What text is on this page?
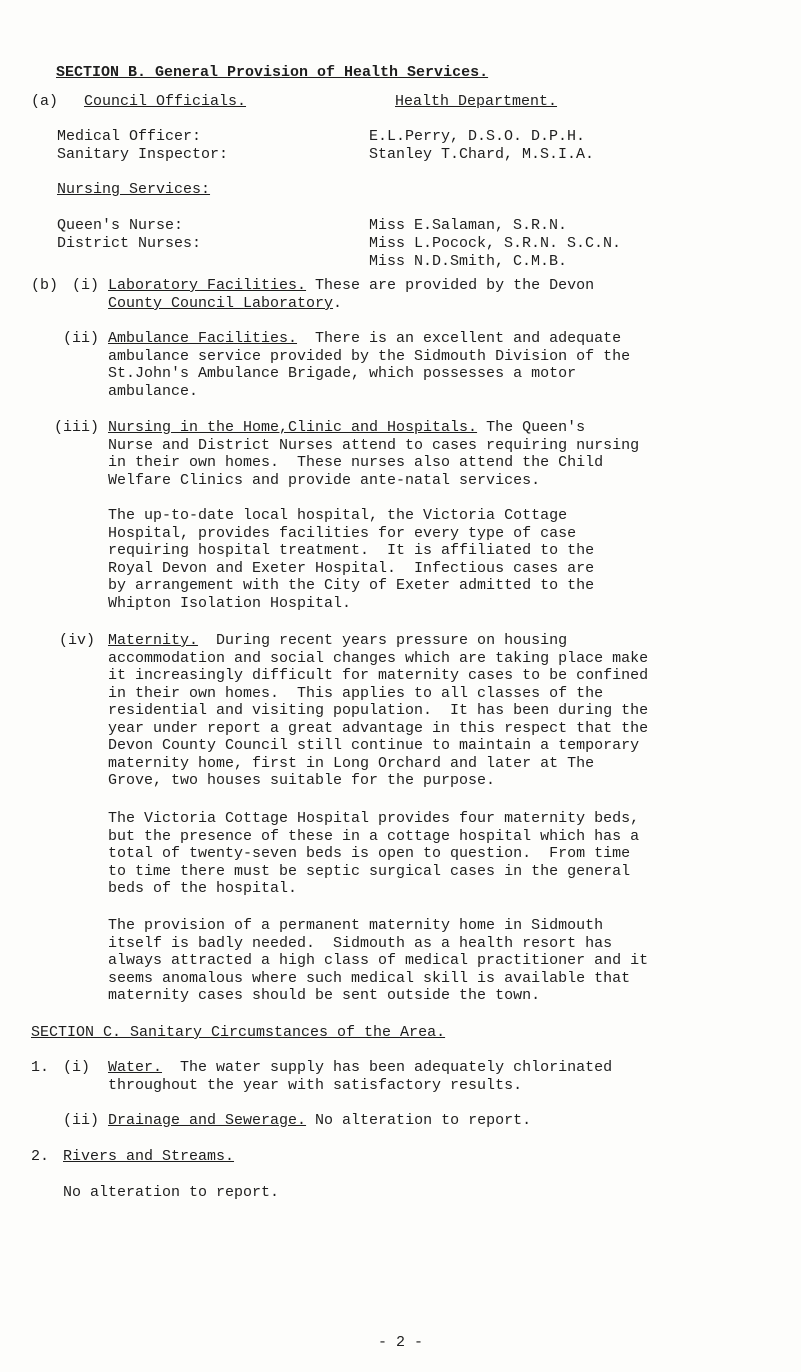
SECTION B. General Provision of Health Services.
(a) Council Officials.	Health Department.
Medical Officer:	E.L.Perry, D.S.O. D.P.H.
Sanitary Inspector:	Stanley T.Chard, M.S.I.A.
Nursing Services:
Queen's Nurse:	Miss E.Salaman, S.R.N.
District Nurses:	Miss L.Pocock, S.R.N. S.C.N.
Miss N.D.Smith, C.M.B.
(b) (i) Laboratory Facilities. These are provided by the Devon
County Council Laboratory.
(ii) Ambulance Facilities.  There is an excellent and adequate
ambulance service provided by the Sidmouth Division of the
St.John's Ambulance Brigade, which possesses a motor
ambulance.
(iii) Nursing in the Home,Clinic and Hospitals. The Queen's
Nurse and District Nurses attend to cases requiring nursing
in their own homes.  These nurses also attend the Child
Welfare Clinics and provide ante-natal services.
The up-to-date local hospital, the Victoria Cottage
Hospital, provides facilities for every type of case
requiring hospital treatment.  It is affiliated to the
Royal Devon and Exeter Hospital.  Infectious cases are
by arrangement with the City of Exeter admitted to the
Whipton Isolation Hospital.
(iv) Maternity.  During recent years pressure on housing
accommodation and social changes which are taking place make
it increasingly difficult for maternity cases to be confined
in their own homes.  This applies to all classes of the
residential and visiting population.  It has been during the
year under report a great advantage in this respect that the
Devon County Council still continue to maintain a temporary
maternity home, first in Long Orchard and later at The
Grove, two houses suitable for the purpose.
The Victoria Cottage Hospital provides four maternity beds,
but the presence of these in a cottage hospital which has a
total of twenty-seven beds is open to question.  From time
to time there must be septic surgical cases in the general
beds of the hospital.
The provision of a permanent maternity home in Sidmouth
itself is badly needed.  Sidmouth as a health resort has
always attracted a high class of medical practitioner and it
seems anomalous where such medical skill is available that
maternity cases should be sent outside the town.
SECTION C. Sanitary Circumstances of the Area.
1. (i) Water.  The water supply has been adequately chlorinated
throughout the year with satisfactory results.
(ii) Drainage and Sewerage. No alteration to report.
2. Rivers and Streams.
No alteration to report.
- 2 -
